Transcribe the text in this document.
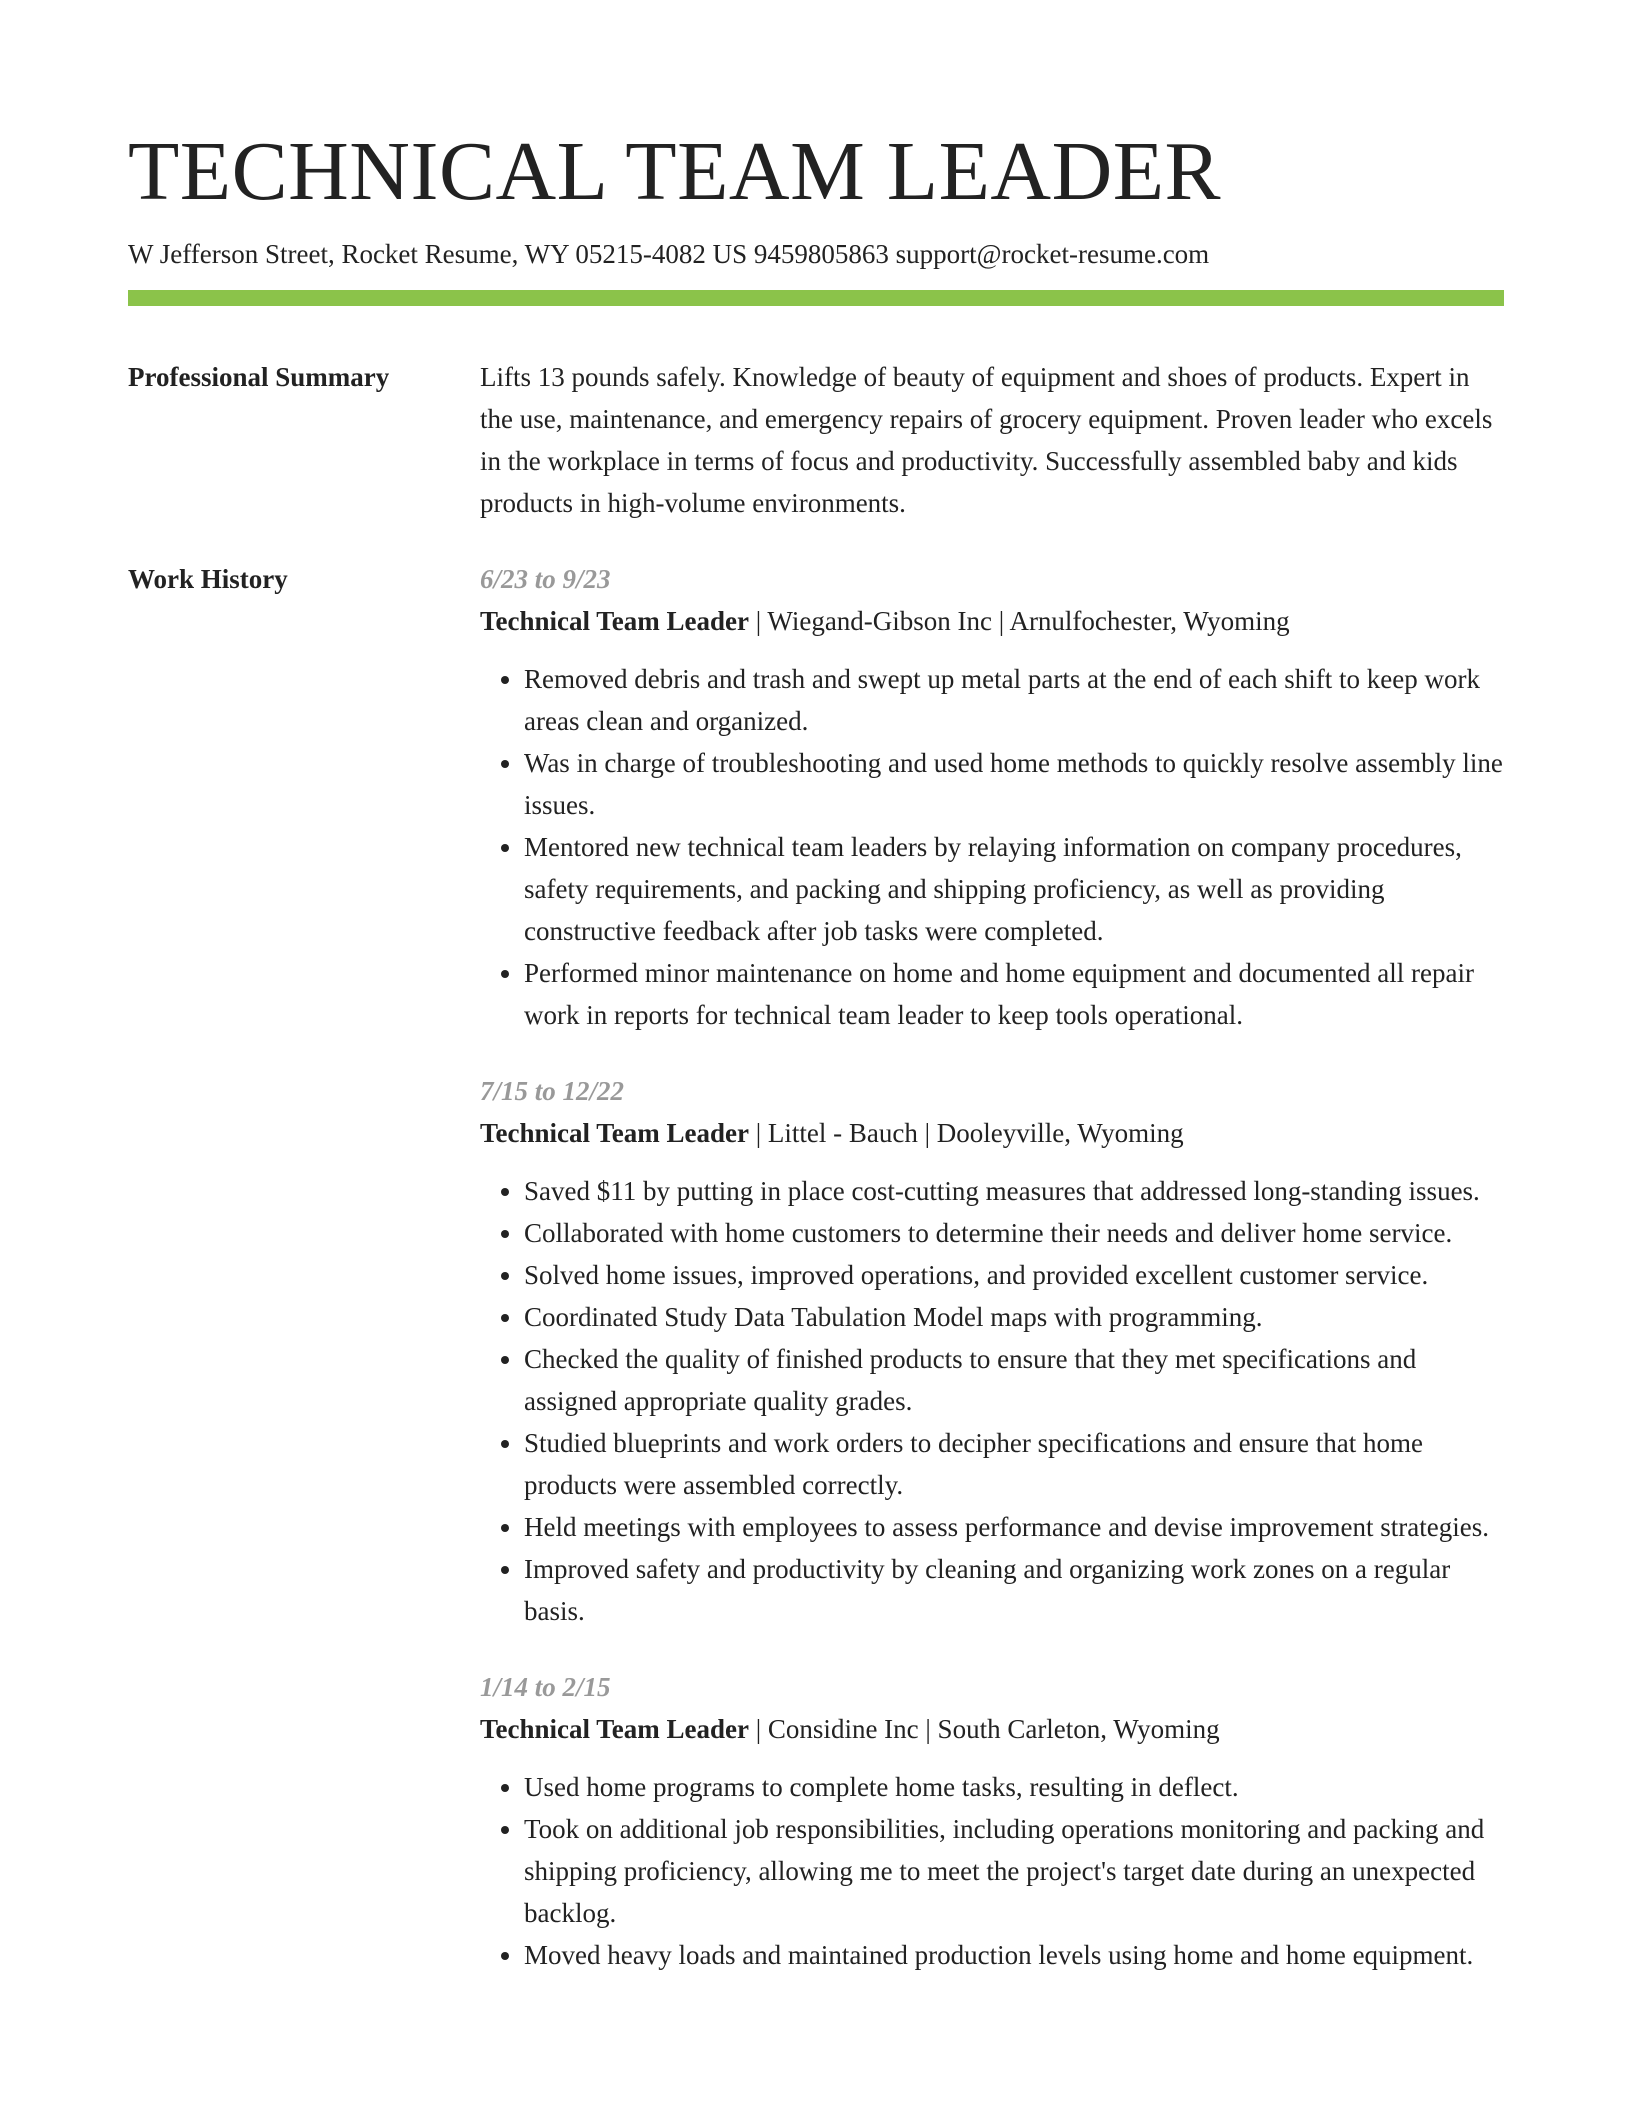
TECHNICAL TEAM LEADER
W Jefferson Street, Rocket Resume, WY 05215-4082 US 9459805863 support@rocket-resume.com
Professional Summary	Lifts 13 pounds safely. Knowledge of beauty of equipment and shoes of products. Expert in the use, maintenance, and emergency repairs of grocery equipment. Proven leader who excels in the workplace in terms of focus and productivity. Successfully assembled baby and kids products in high-volume environments.

Work History	6/23 to 9/23
Technical Team Leader | Wiegand-Gibson Inc | Arnulfochester, Wyoming
• Removed debris and trash and swept up metal parts at the end of each shift to keep work areas clean and organized.
• Was in charge of troubleshooting and used home methods to quickly resolve assembly line issues.
• Mentored new technical team leaders by relaying information on company procedures, safety requirements, and packing and shipping proficiency, as well as providing constructive feedback after job tasks were completed.
• Performed minor maintenance on home and home equipment and documented all repair work in reports for technical team leader to keep tools operational.
7/15 to 12/22
Technical Team Leader | Littel - Bauch | Dooleyville, Wyoming
• Saved $11 by putting in place cost-cutting measures that addressed long-standing issues.
• Collaborated with home customers to determine their needs and deliver home service.
• Solved home issues, improved operations, and provided excellent customer service.
• Coordinated Study Data Tabulation Model maps with programming.
• Checked the quality of finished products to ensure that they met specifications and assigned appropriate quality grades.
• Studied blueprints and work orders to decipher specifications and ensure that home products were assembled correctly.
• Held meetings with employees to assess performance and devise improvement strategies.
• Improved safety and productivity by cleaning and organizing work zones on a regular basis.
1/14 to 2/15
Technical Team Leader | Considine Inc | South Carleton, Wyoming
• Used home programs to complete home tasks, resulting in deflect.
• Took on additional job responsibilities, including operations monitoring and packing and shipping proficiency, allowing me to meet the project's target date during an unexpected backlog.
• Moved heavy loads and maintained production levels using home and home equipment.
